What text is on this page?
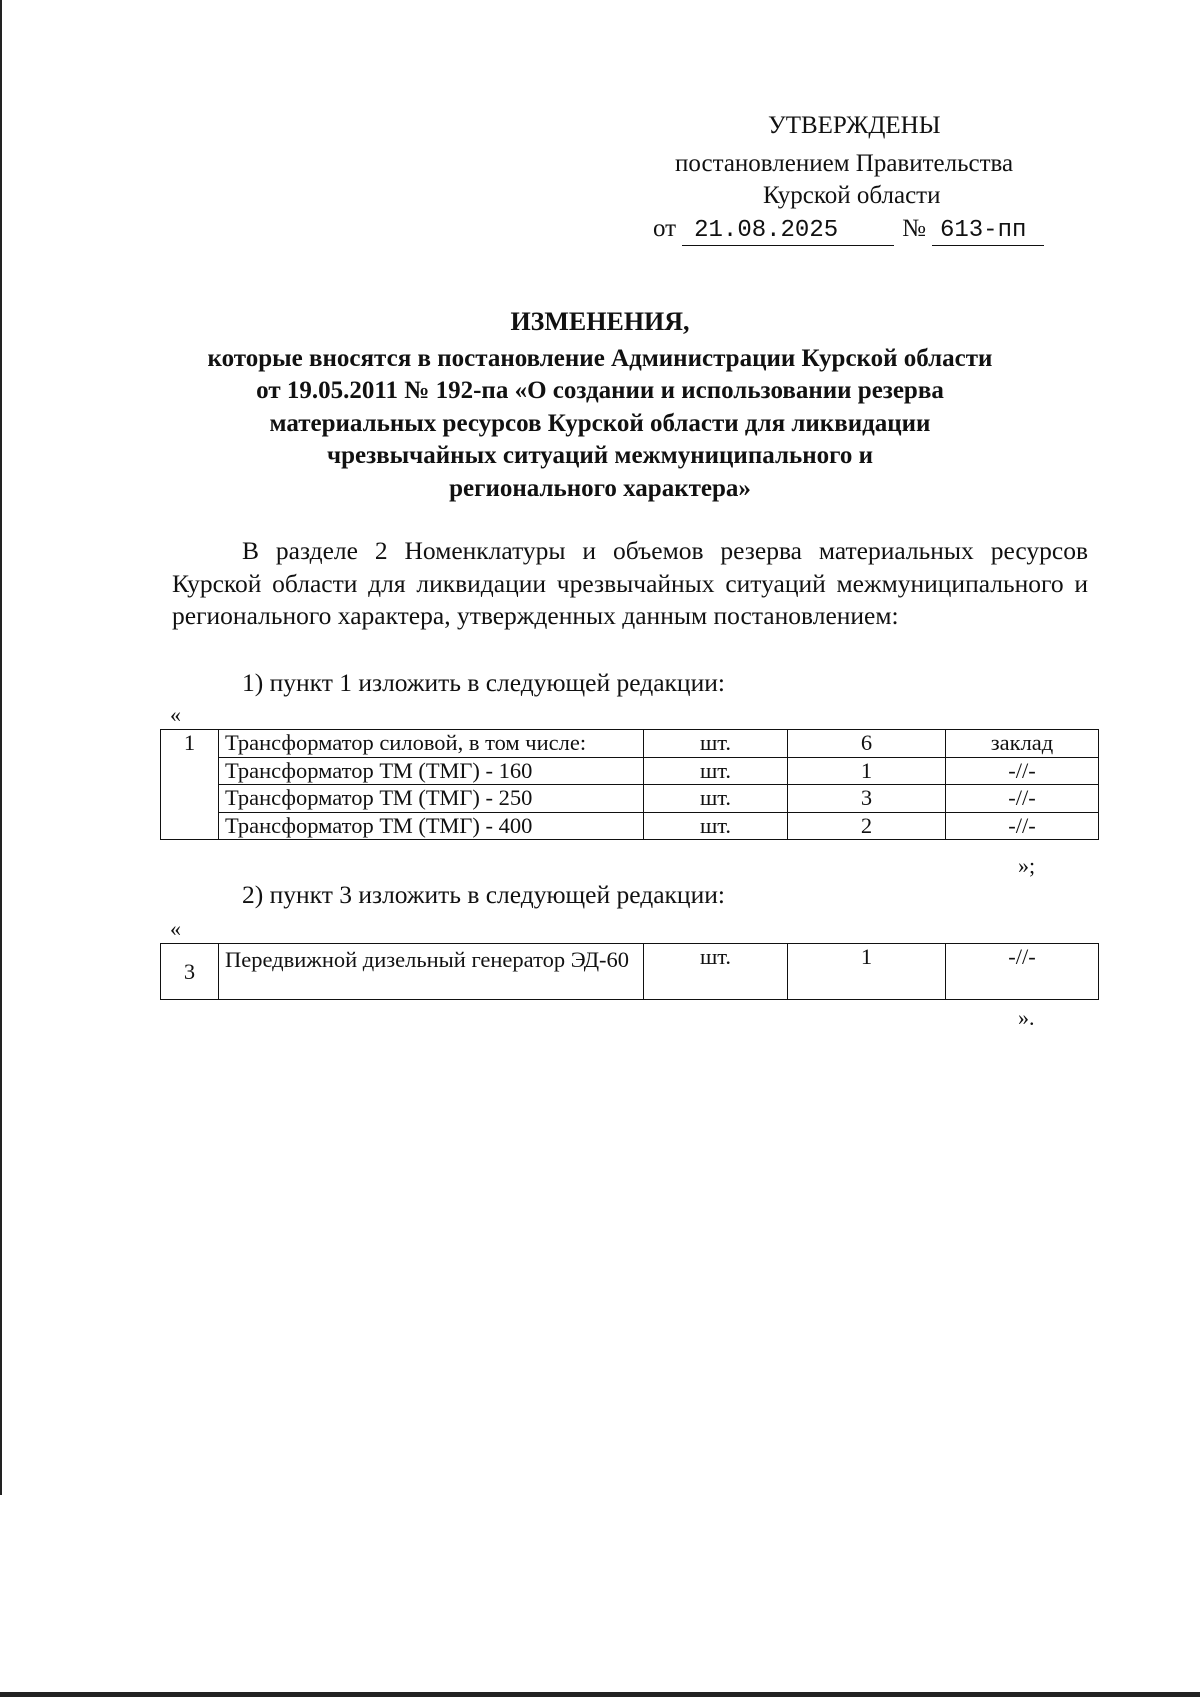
УТВЕРЖДЕНЫ
постановлением Правительства
Курской области
от 21.08.2025	№ 613-пп
ИЗМЕНЕНИЯ,
которые вносятся в постановление Администрации Курской области
от 19.05.2011 № 192-па «О создании и использовании резерва
материальных ресурсов Курской области для ликвидации
чрезвычайных ситуаций межмуниципального и
регионального характера»

В разделе 2 Номенклатуры и объемов резерва материальных ресурсов Курской области для ликвидации чрезвычайных ситуаций межмуниципального и регионального характера, утвержденных данным постановлением:

1) пункт 1 изложить в следующей редакции:
«
1	Трансформатор силовой, в том числе:	шт.	6	заклад
	Трансформатор ТМ (ТМГ) - 160	шт.	1	-//-
	Трансформатор ТМ (ТМГ) - 250	шт.	3	-//-
	Трансформатор ТМ (ТМГ) - 400	шт.	2	-//-
»;
2) пункт 3 изложить в следующей редакции:
«
3	Передвижной дизельный генератор ЭД-60	шт.	1	-//-
».
